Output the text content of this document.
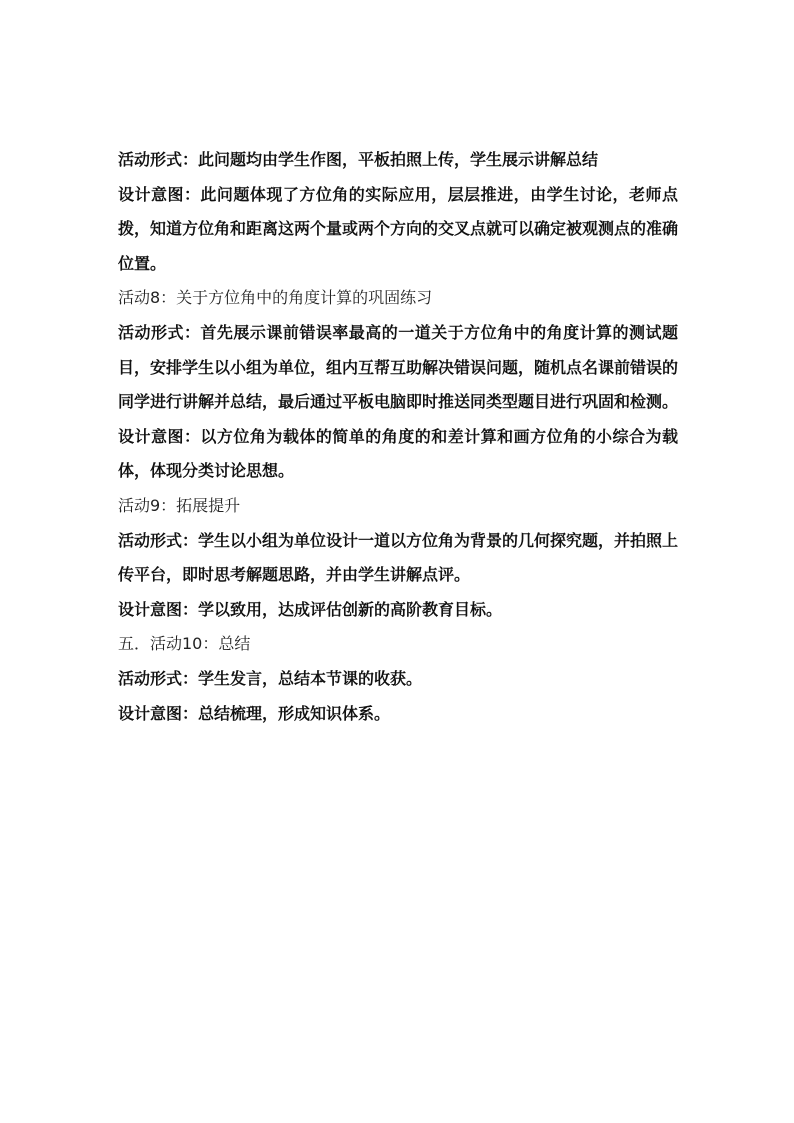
活动形式：此问题均由学生作图，平板拍照上传，学生展示讲解总结

设计意图：此问题体现了方位角的实际应用，层层推进，由学生讨论，老师点拨，知道方位角和距离这两个量或两个方向的交叉点就可以确定被观测点的准确位置。

活动8：关于方位角中的角度计算的巩固练习

活动形式：首先展示课前错误率最高的一道关于方位角中的角度计算的测试题目，安排学生以小组为单位，组内互帮互助解决错误问题，随机点名课前错误的同学进行讲解并总结，最后通过平板电脑即时推送同类型题目进行巩固和检测。

设计意图：以方位角为载体的简单的角度的和差计算和画方位角的小综合为载体，体现分类讨论思想。

活动9：拓展提升

活动形式：学生以小组为单位设计一道以方位角为背景的几何探究题，并拍照上传平台，即时思考解题思路，并由学生讲解点评。

设计意图：学以致用，达成评估创新的高阶教育目标。

五．活动10：总结

活动形式：学生发言，总结本节课的收获。

设计意图：总结梳理，形成知识体系。
